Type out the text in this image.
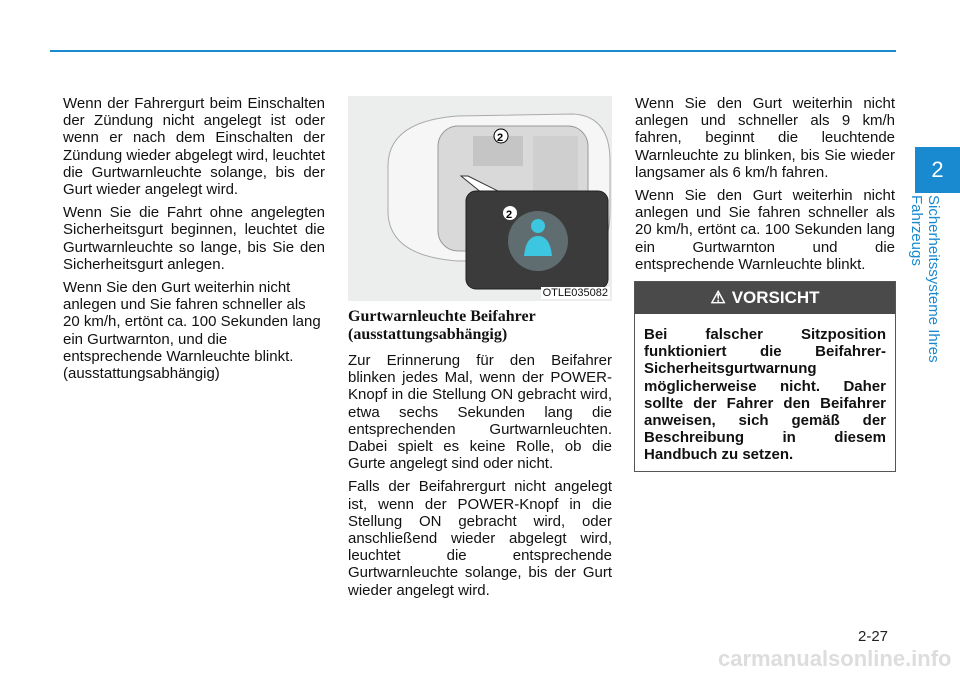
Wenn der Fahrergurt beim Einschalten der Zündung nicht angelegt ist oder wenn er nach dem Einschalten der Zündung wieder abgelegt wird, leuchtet die Gurtwarnleuchte solange, bis der Gurt wieder angelegt wird.

Wenn Sie die Fahrt ohne angelegten Sicherheitsgurt beginnen, leuchtet die Gurtwarnleuchte so lange, bis Sie den Sicherheitsgurt anlegen.

Wenn Sie den Gurt weiterhin nicht anlegen und Sie fahren schneller als 20 km/h, ertönt ca. 100 Sekunden lang ein Gurtwarnton, und die entsprechende Warnleuchte blinkt. (ausstattungsabhängig)

2
2
OTLE035082
Gurtwarnleuchte Beifahrer (ausstattungsabhängig)

Zur Erinnerung für den Beifahrer blinken jedes Mal, wenn der POWER-Knopf in die Stellung ON gebracht wird, etwa sechs Sekunden lang die entsprechenden Gurtwarnleuchten. Dabei spielt es keine Rolle, ob die Gurte angelegt sind oder nicht.

Falls der Beifahrergurt nicht angelegt ist, wenn der POWER-Knopf in die Stellung ON gebracht wird, oder anschließend wieder abgelegt wird, leuchtet die entsprechende Gurtwarnleuchte solange, bis der Gurt wieder angelegt wird.

Wenn Sie den Gurt weiterhin nicht anlegen und schneller als 9 km/h fahren, beginnt die leuchtende Warnleuchte zu blinken, bis Sie wieder langsamer als 6 km/h fahren.

Wenn Sie den Gurt weiterhin nicht anlegen und Sie fahren schneller als 20 km/h, ertönt ca. 100 Sekunden lang ein Gurtwarnton und die entsprechende Warnleuchte blinkt.

⚠ VORSICHT
Bei falscher Sitzposition funktioniert die Beifahrer-Sicherheitsgurtwarnung möglicherweise nicht. Daher sollte der Fahrer den Beifahrer anweisen, sich gemäß der Beschreibung in diesem Handbuch zu setzen.
2
Sicherheitssysteme Ihres Fahrzeugs
2-27
carmanualsonline.info
